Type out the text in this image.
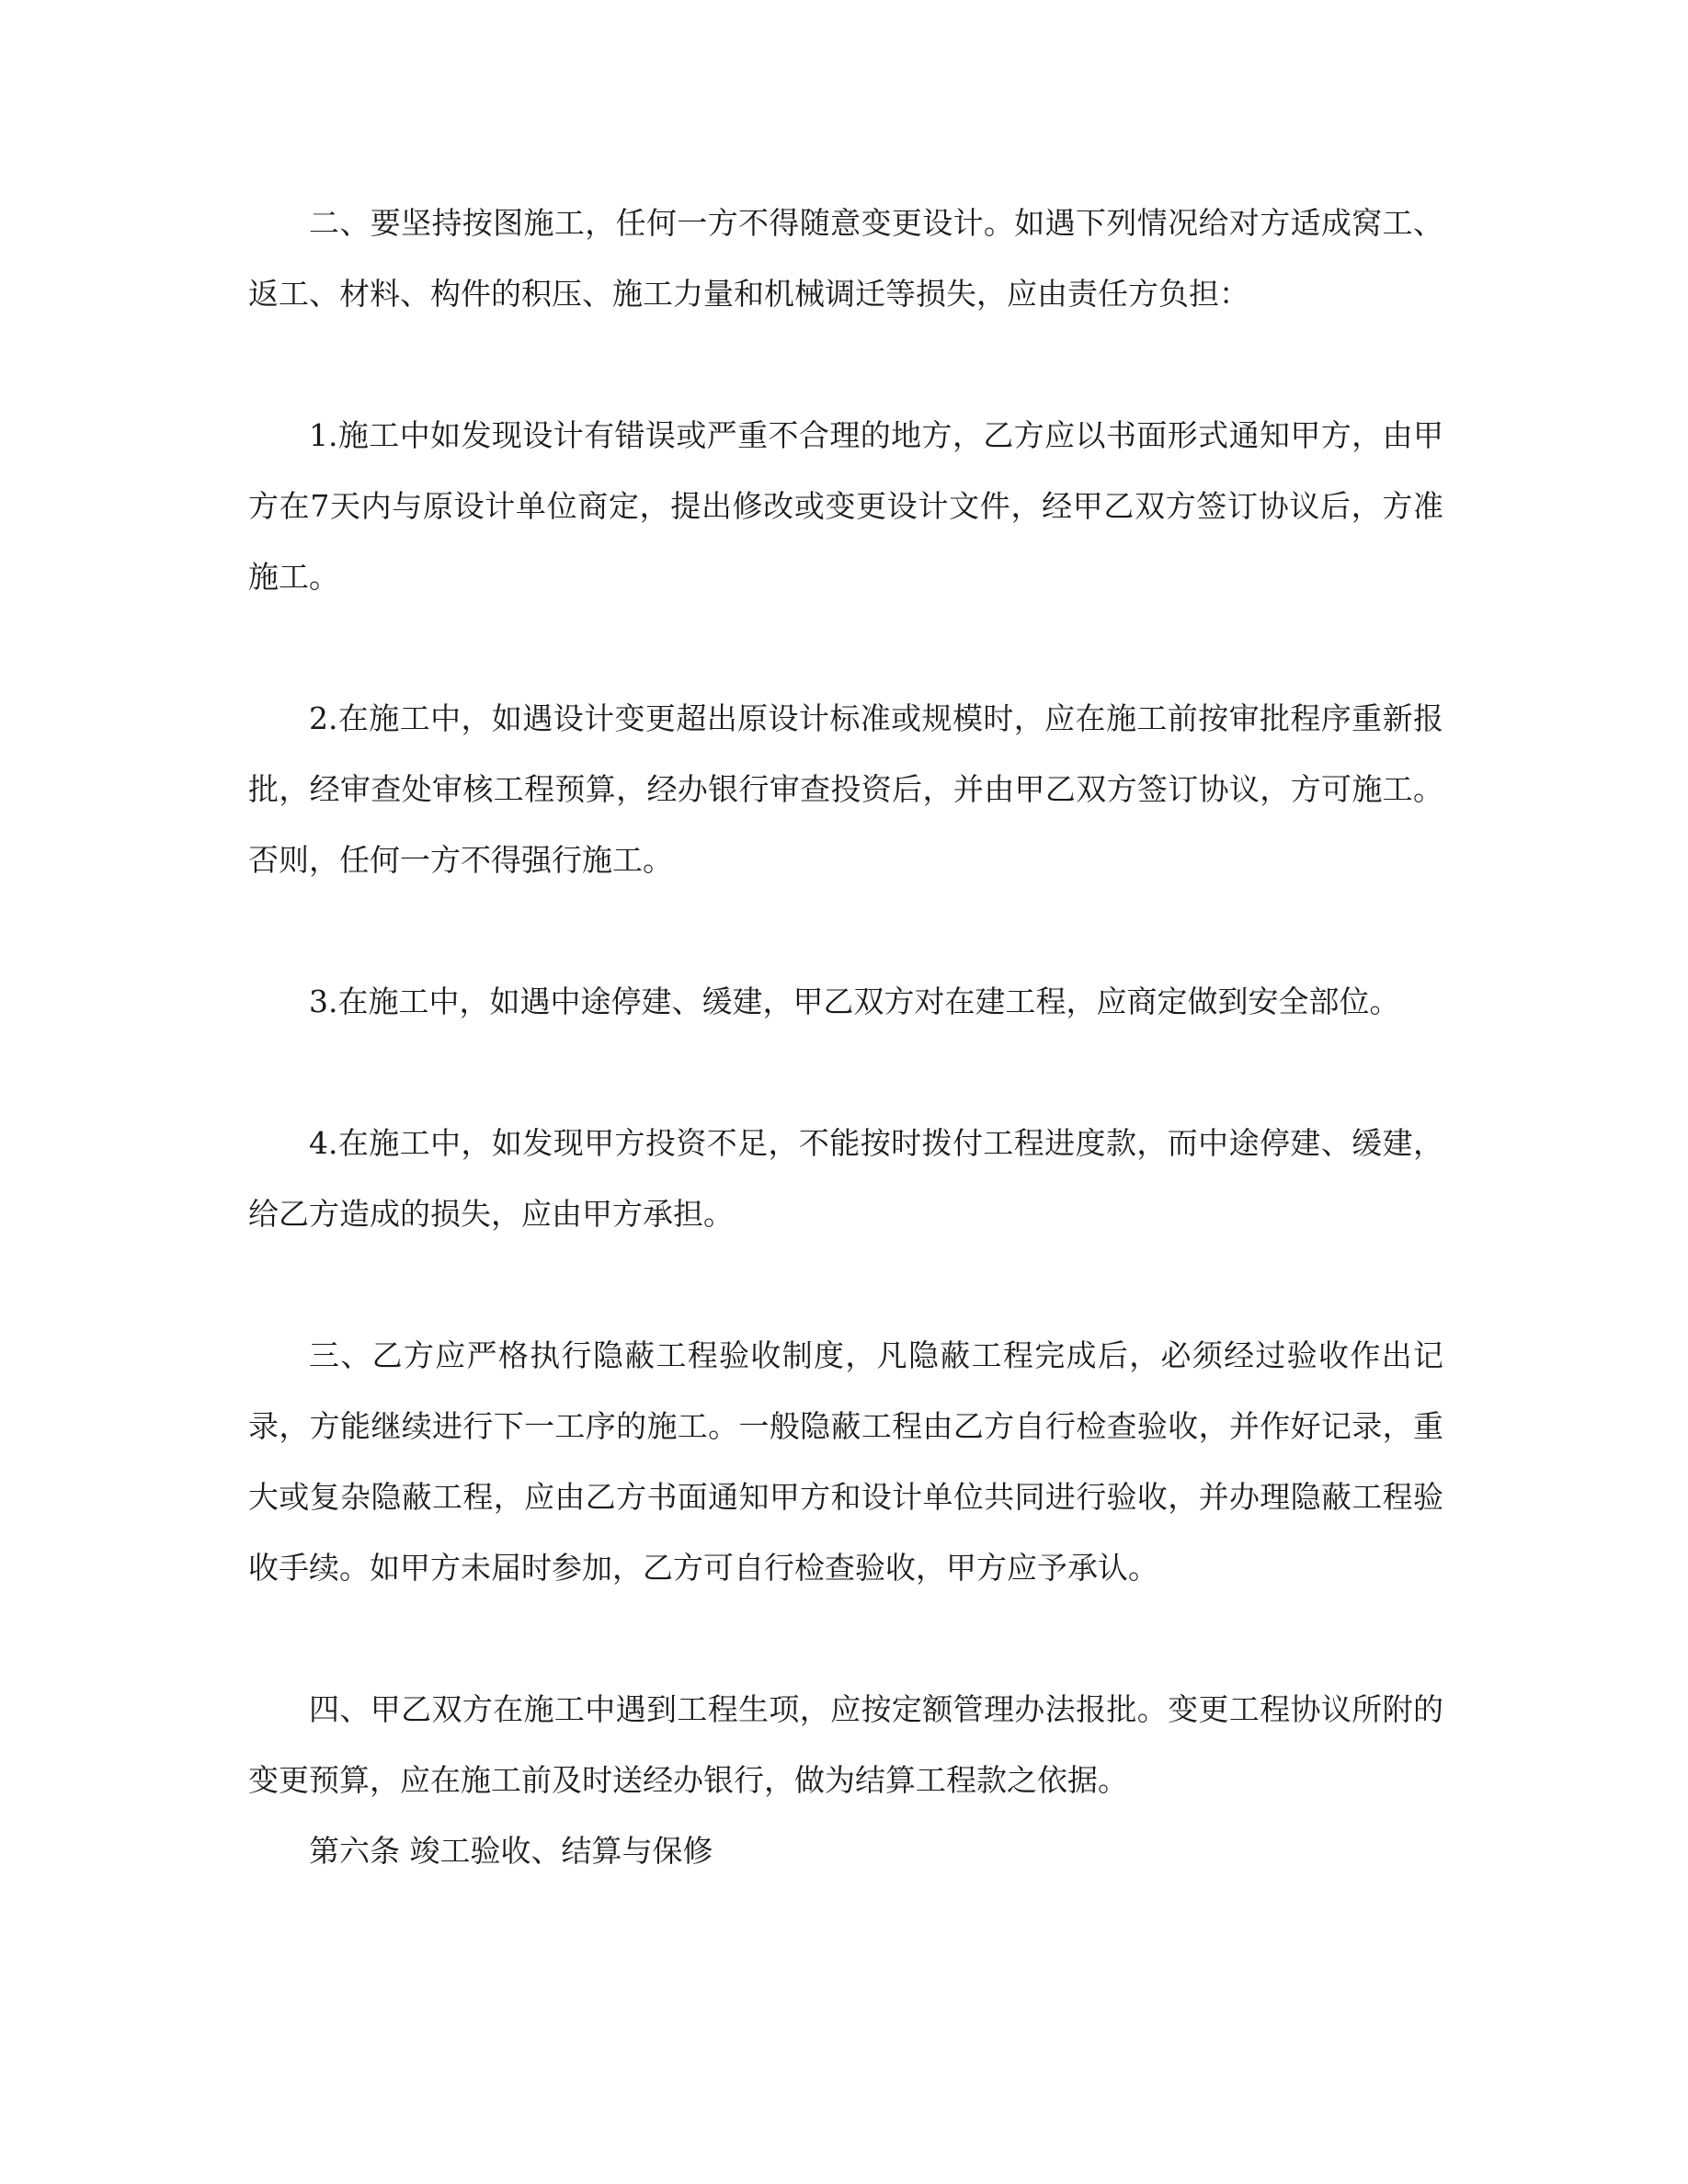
二、要坚持按图施工，任何一方不得随意变更设计。如遇下列情况给对方适成窝工、返工、材料、构件的积压、施工力量和机械调迁等损失，应由责任方负担：

1.施工中如发现设计有错误或严重不合理的地方，乙方应以书面形式通知甲方，由甲方在7天内与原设计单位商定，提出修改或变更设计文件，经甲乙双方签订协议后，方准施工。

2.在施工中，如遇设计变更超出原设计标准或规模时，应在施工前按审批程序重新报批，经审查处审核工程预算，经办银行审查投资后，并由甲乙双方签订协议，方可施工。否则，任何一方不得强行施工。

3.在施工中，如遇中途停建、缓建，甲乙双方对在建工程，应商定做到安全部位。

4.在施工中，如发现甲方投资不足，不能按时拨付工程进度款，而中途停建、缓建，给乙方造成的损失，应由甲方承担。

三、乙方应严格执行隐蔽工程验收制度，凡隐蔽工程完成后，必须经过验收作出记录，方能继续进行下一工序的施工。一般隐蔽工程由乙方自行检查验收，并作好记录，重大或复杂隐蔽工程，应由乙方书面通知甲方和设计单位共同进行验收，并办理隐蔽工程验收手续。如甲方未届时参加，乙方可自行检查验收，甲方应予承认。

四、甲乙双方在施工中遇到工程生项，应按定额管理办法报批。变更工程协议所附的变更预算，应在施工前及时送经办银行，做为结算工程款之依据。

第六条 竣工验收、结算与保修
